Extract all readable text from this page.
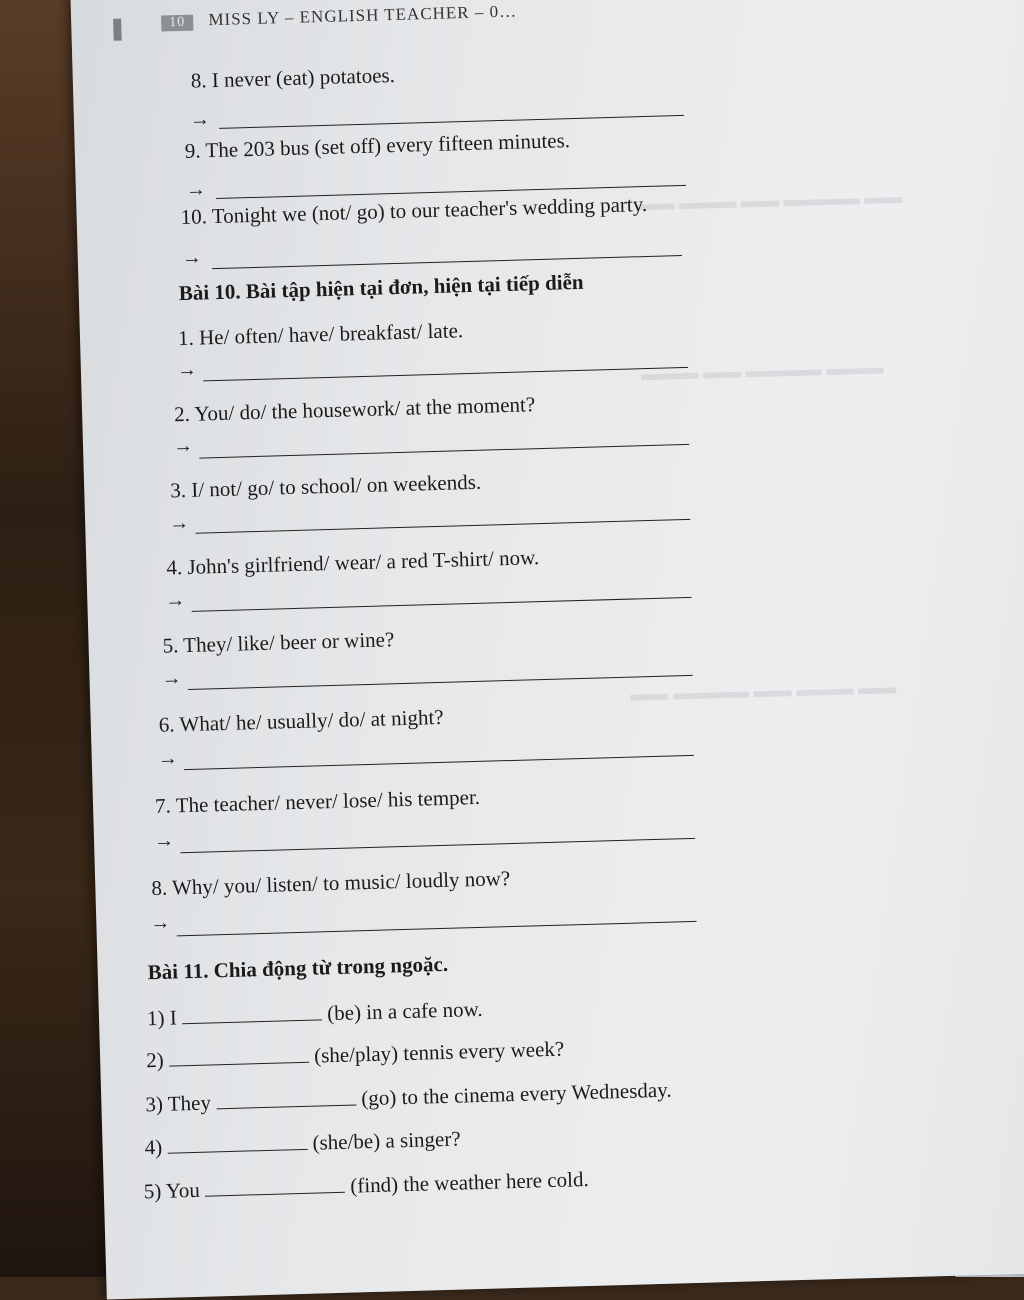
▬▬ ▬▬▬ ▬▬ ▬▬▬▬ ▬▬
▬▬▬ ▬▬ ▬▬▬▬ ▬▬▬
▬▬ ▬▬▬▬ ▬▬ ▬▬▬ ▬▬
10 MISS LY – ENGLISH TEACHER – 0…
8. I never (eat) potatoes.
→
9. The 203 bus (set off) every fifteen minutes.
→
10. Tonight we (not/ go) to our teacher's wedding party.
→
Bài 10. Bài tập hiện tại đơn, hiện tại tiếp diễn
1. He/ often/ have/ breakfast/ late.
→
2. You/ do/ the housework/ at the moment?
→
3. I/ not/ go/ to school/ on weekends.
→
4. John's girlfriend/ wear/ a red T-shirt/ now.
→
5. They/ like/ beer or wine?
→
6. What/ he/ usually/ do/ at night?
→
7. The teacher/ never/ lose/ his temper.
→
8. Why/ you/ listen/ to music/ loudly now?
→
Bài 11. Chia động từ trong ngoặc.
1) I	(be) in a cafe now.
2)	(she/play) tennis every week?
3) They	(go) to the cinema every Wednesday.
4)	(she/be) a singer?
5) You	(find) the weather here cold.
